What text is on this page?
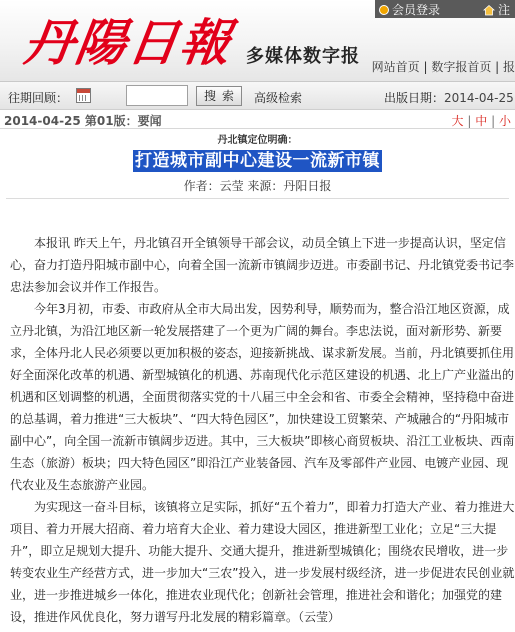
丹陽日報 多媒体数字报
会员登录	注
网站首页 | 数字报首页 | 报
往期回顾：	搜索 高级检索	出版日期：2014-04-25
2014-04-25 第01版：要闻	大 | 中 | 小
丹北镇定位明确：
打造城市副中心建设一流新市镇
作者：云莹 来源：丹阳日报

本报讯 昨天上午，丹北镇召开全镇领导干部会议，动员全镇上下进一步提高认识，坚定信心，奋力打造丹阳城市副中心，向着全国一流新市镇阔步迈进。市委副书记、丹北镇党委书记李忠法参加会议并作工作报告。

今年3月初，市委、市政府从全市大局出发，因势利导，顺势而为，整合沿江地区资源，成立丹北镇，为沿江地区新一轮发展搭建了一个更为广阔的舞台。李忠法说，面对新形势、新要求，全体丹北人民必须要以更加积极的姿态，迎接新挑战、谋求新发展。当前，丹北镇要抓住用好全面深化改革的机遇、新型城镇化的机遇、苏南现代化示范区建设的机遇、北上广产业溢出的机遇和区划调整的机遇，全面贯彻落实党的十八届三中全会和省、市委全会精神，坚持稳中奋进的总基调，着力推进“三大板块”、“四大特色园区”，加快建设工贸繁荣、产城融合的“丹阳城市副中心”，向全国一流新市镇阔步迈进。其中，三大板块”即核心商贸板块、沿江工业板块、西南生态（旅游）板块；四大特色园区”即沿江产业装备园、汽车及零部件产业园、电镀产业园、现代农业及生态旅游产业园。

为实现这一奋斗目标，该镇将立足实际，抓好“五个着力”，即着力打造大产业、着力推进大项目、着力开展大招商、着力培育大企业、着力建设大园区，推进新型工业化；立足“三大提升”，即立足规划大提升、功能大提升、交通大提升，推进新型城镇化；围绕农民增收，进一步转变农业生产经营方式，进一步加大“三农”投入，进一步发展村级经济，进一步促进农民创业就业，进一步推进城乡一体化，推进农业现代化；创新社会管理，推进社会和谐化；加强党的建设，推进作风优良化，努力谱写丹北发展的精彩篇章。（云莹）
